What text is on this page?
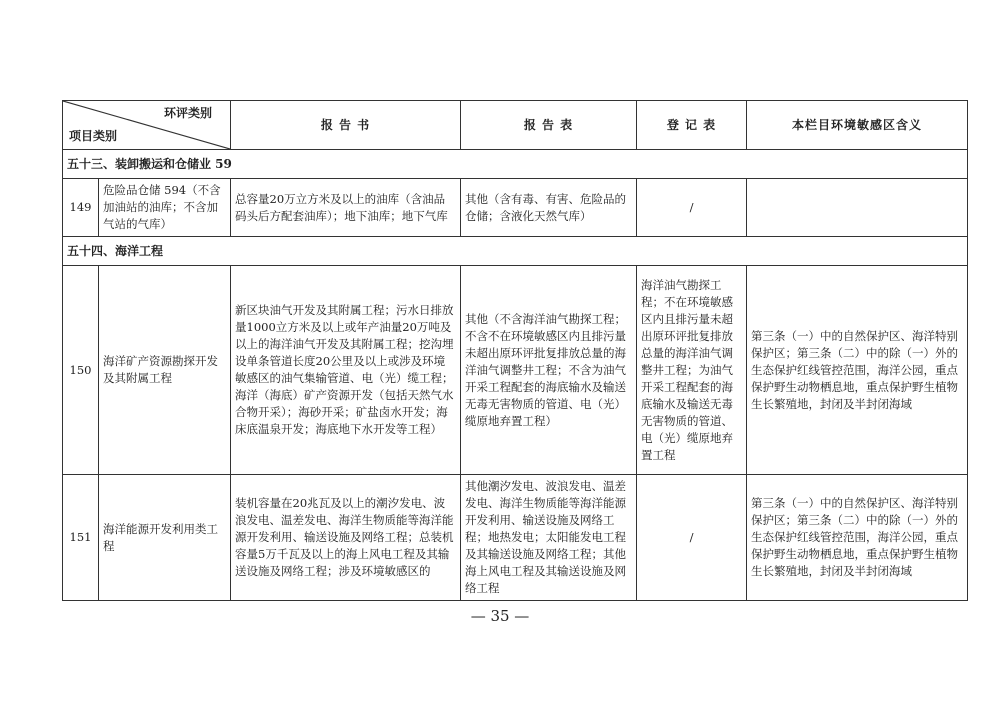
环评类别
项目类别		报 告 书	报 告 表	登 记 表	本栏目环境敏感区含义
五十三、装卸搬运和仓储业 59					
149	危险品仓储 594（不含加油站的油库；不含加气站的气库）	总容量20万立方米及以上的油库（含油品码头后方配套油库）；地下油库；地下气库	其他（含有毒、有害、危险品的仓储；含液化天然气库）	/	
五十四、海洋工程					
150	海洋矿产资源勘探开发及其附属工程	新区块油气开发及其附属工程；污水日排放量1000立方米及以上或年产油量20万吨及以上的海洋油气开发及其附属工程；挖沟埋设单条管道长度20公里及以上或涉及环境敏感区的油气集输管道、电（光）缆工程；海洋（海底）矿产资源开发（包括天然气水合物开采）；海砂开采；矿盐卤水开发；海床底温泉开发；海底地下水开发等工程）	其他（不含海洋油气勘探工程；不含不在环境敏感区内且排污量未超出原环评批复排放总量的海洋油气调整井工程；不含为油气开采工程配套的海底输水及输送无毒无害物质的管道、电（光）缆原地弃置工程）	海洋油气勘探工程；不在环境敏感区内且排污量未超出原环评批复排放总量的海洋油气调整井工程；为油气开采工程配套的海底输水及输送无毒无害物质的管道、电（光）缆原地弃置工程	第三条（一）中的自然保护区、海洋特别保护区；第三条（二）中的除（一）外的生态保护红线管控范围，海洋公园，重点保护野生动物栖息地，重点保护野生植物生长繁殖地，封闭及半封闭海域
151	海洋能源开发利用类工程	装机容量在20兆瓦及以上的潮汐发电、波浪发电、温差发电、海洋生物质能等海洋能源开发利用、输送设施及网络工程；总装机容量5万千瓦及以上的海上风电工程及其输送设施及网络工程；涉及环境敏感区的	其他潮汐发电、波浪发电、温差发电、海洋生物质能等海洋能源开发利用、输送设施及网络工程；地热发电；太阳能发电工程及其输送设施及网络工程；其他海上风电工程及其输送设施及网络工程	/	第三条（一）中的自然保护区、海洋特别保护区；第三条（二）中的除（一）外的生态保护红线管控范围，海洋公园，重点保护野生动物栖息地，重点保护野生植物生长繁殖地，封闭及半封闭海域
— 35 —
